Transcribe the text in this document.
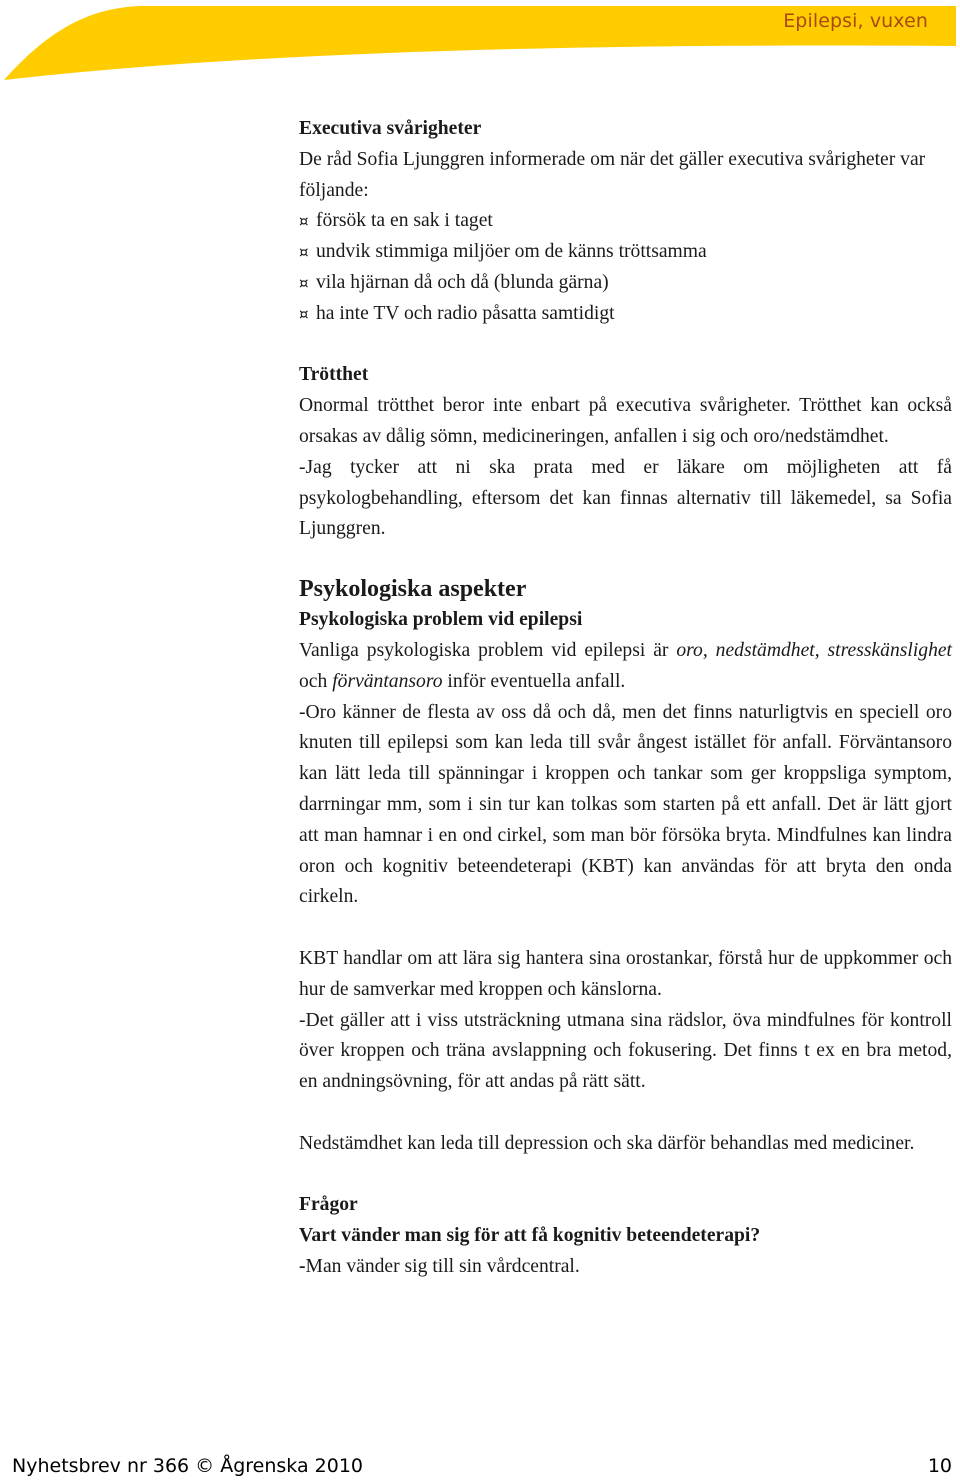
Epilepsi, vuxen
Executiva svårigheter

De råd Sofia Ljunggren informerade om när det gäller executiva svårigheter var följande:

¤ försök ta en sak i taget
¤ undvik stimmiga miljöer om de känns tröttsamma
¤ vila hjärnan då och då (blunda gärna)
¤ ha inte TV och radio påsatta samtidigt
Trötthet

Onormal trötthet beror inte enbart på executiva svårigheter. Trötthet kan också orsakas av dålig sömn, medicineringen, anfallen i sig och oro/nedstämdhet.

-Jag tycker att ni ska prata med er läkare om möjligheten att få psykologbehandling, eftersom det kan finnas alternativ till läkemedel, sa Sofia Ljunggren.

Psykologiska aspekter
Psykologiska problem vid epilepsi

Vanliga psykologiska problem vid epilepsi är oro, nedstämdhet, stresskänslighet och förväntansoro inför eventuella anfall.

-Oro känner de flesta av oss då och då, men det finns naturligtvis en speciell oro knuten till epilepsi som kan leda till svår ångest istället för anfall. Förväntansoro kan lätt leda till spänningar i kroppen och tankar som ger kroppsliga symptom, darrningar mm, som i sin tur kan tolkas som starten på ett anfall. Det är lätt gjort att man hamnar i en ond cirkel, som man bör försöka bryta. Mindfulnes kan lindra oron och kognitiv beteendeterapi (KBT) kan användas för att bryta den onda cirkeln.

KBT handlar om att lära sig hantera sina orostankar, förstå hur de uppkommer och hur de samverkar med kroppen och känslorna.

-Det gäller att i viss utsträckning utmana sina rädslor, öva mindfulnes för kontroll över kroppen och träna avslappning och fokusering. Det finns t ex en bra metod, en andningsövning, för att andas på rätt sätt.

Nedstämdhet kan leda till depression och ska därför behandlas med mediciner.

Frågor
Vart vänder man sig för att få kognitiv beteendeterapi?
-Man vänder sig till sin vårdcentral.
Nyhetsbrev nr 366 © Ågrenska 2010	10
